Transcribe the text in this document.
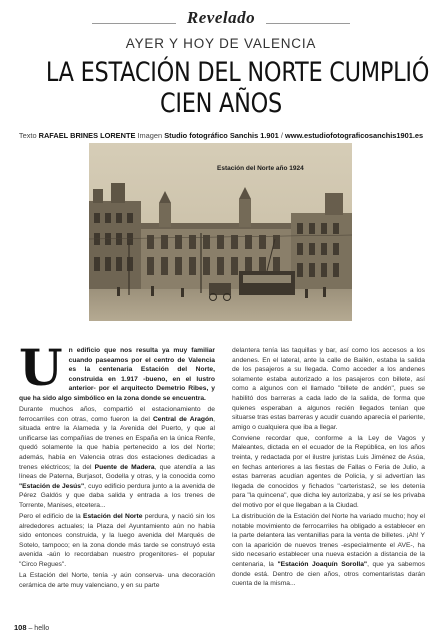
Revelado
AYER Y HOY DE VALENCIA
LA ESTACIÓN DEL NORTE CUMPLIÓ
CIEN AÑOS
Texto RAFAEL BRINES LORENTE Imagen Studio fotográfico Sanchis 1.901 / www.estudiofotograficosanchis1901.es
Estación del Norte año 1924

Un edificio que nos resulta ya muy familiar cuando paseamos por el centro de Valencia es la centenaria Estación del Norte, construida en 1.917 -bueno, en el lustro anterior- por el arquitecto Demetrio Ribes, y que ha sido algo simbólico en la zona donde se encuentra.

Durante muchos años, compartió el estacionamiento de ferrocarriles con otras, como fueron la del Central de Aragón, situada entre la Alameda y la Avenida del Puerto, y que al unificarse las compañías de trenes en España en la única Renfe, quedó solamente la que había pertenecido a los del Norte; además, había en Valencia otras dos estaciones dedicadas a trenes eléctricos; la del Puente de Madera, que atendía a las líneas de Paterna, Burjasot, Godella y otras, y la conocida como "Estación de Jesús", cuyo edificio perdura junto a la avenida de Pérez Galdós y que daba salida y entrada a los trenes de Torrente, Manises, etcetera...

Pero el edificio de la Estación del Norte perdura, y nació sin los alrededores actuales; la Plaza del Ayuntamiento aún no había sido entonces construida, y la luego avenida del Marqués de Sotelo, tampoco; en la zona donde más tarde se construyó esta avenida -aún lo recordaban nuestro progenitores- el popular "Circo Regues".

La Estación del Norte, tenía -y aún conserva- una decoración cerámica de arte muy valenciano, y en su parte

delantera tenía las taquillas y bar, así como los accesos a los andenes. En el lateral, ante la calle de Bailén, estaba la salida de los pasajeros a su llegada. Como acceder a los andenes solamente estaba autorizado a los pasajeros con billete, así como a algunos con el llamado "billete de andén", pues se habilitó dos barreras a cada lado de la salida, de forma que quienes esperaban a algunos recién llegados tenían que situarse tras estas barreras y acudir cuando aparecía el pariente, amigo o cualquiera que iba a llegar.

Conviene recordar que, conforme a la Ley de Vagos y Maleantes, dictada en el ecuador de la República, en los años treinta, y redactada por el ilustre juristas Luis Jiménez de Asúa, en fechas anteriores a las fiestas de Fallas o Feria de Julio, a estas barreras acudían agentes de Policía, y si advertían las llegada de conocidos y fichados "carteristas2, se les detenía para "la quincena", que dicha ley autorizaba, y así se les privaba del motivo por el que llegaban a la Ciudad.

La distribución de la Estación del Norte ha variado mucho; hoy el notable movimiento de ferrocarriles ha obligado a establecer en la parte delantera las ventanillas para la venta de billetes. ¡Ah! Y con la aparición de nuevos trenes -especialmente el AVE-, ha sido necesario establecer una nueva estación a distancia de la centenaria, la "Estación Joaquín Sorolla", que ya sabemos donde está. Dentro de cien años, otros comentaristas darán cuenta de la misma...

108 – hello
